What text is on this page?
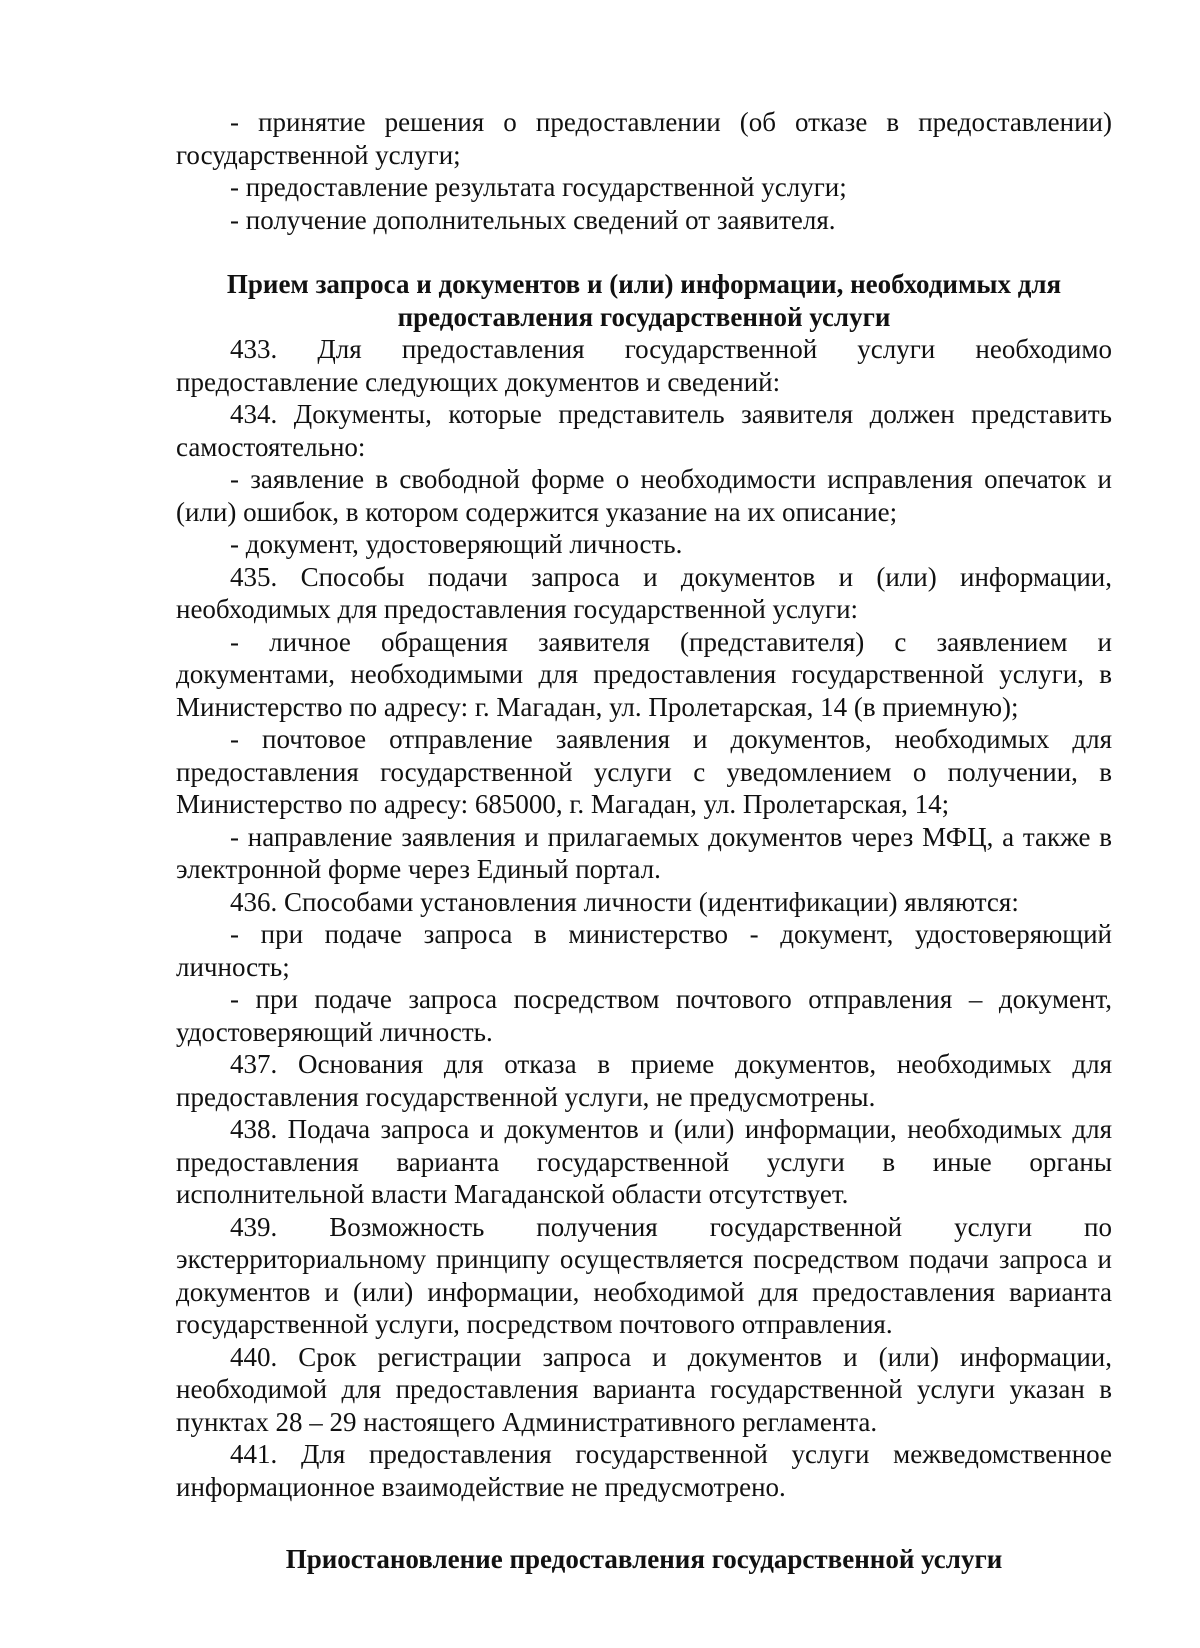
- принятие решения о предоставлении (об отказе в предоставлении) государственной услуги;

- предоставление результата государственной услуги;

- получение дополнительных сведений от заявителя.

Прием запроса и документов и (или) информации, необходимых для предоставления государственной услуги

433. Для предоставления государственной услуги необходимо предоставление следующих документов и сведений:

434. Документы, которые представитель заявителя должен представить самостоятельно:

- заявление в свободной форме о необходимости исправления опечаток и (или) ошибок, в котором содержится указание на их описание;

- документ, удостоверяющий личность.

435. Способы подачи запроса и документов и (или) информации, необходимых для предоставления государственной услуги:

- личное обращения заявителя (представителя) с заявлением и документами, необходимыми для предоставления государственной услуги, в Министерство по адресу: г. Магадан, ул. Пролетарская, 14 (в приемную);

- почтовое отправление заявления и документов, необходимых для предоставления государственной услуги с уведомлением о получении, в Министерство по адресу: 685000, г. Магадан, ул. Пролетарская, 14;

- направление заявления и прилагаемых документов через МФЦ, а также в электронной форме через Единый портал.

436. Способами установления личности (идентификации) являются:

- при подаче запроса в министерство - документ, удостоверяющий личность;

- при подаче запроса посредством почтового отправления – документ, удостоверяющий личность.

437. Основания для отказа в приеме документов, необходимых для предоставления государственной услуги, не предусмотрены.

438. Подача запроса и документов и (или) информации, необходимых для предоставления варианта государственной услуги в иные органы исполнительной власти Магаданской области отсутствует.

439. Возможность получения государственной услуги по экстерриториальному принципу осуществляется посредством подачи запроса и документов и (или) информации, необходимой для предоставления варианта государственной услуги, посредством почтового отправления.

440. Срок регистрации запроса и документов и (или) информации, необходимой для предоставления варианта государственной услуги указан в пунктах 28 – 29 настоящего Административного регламента.

441. Для предоставления государственной услуги межведомственное информационное взаимодействие не предусмотрено.

Приостановление предоставления государственной услуги
